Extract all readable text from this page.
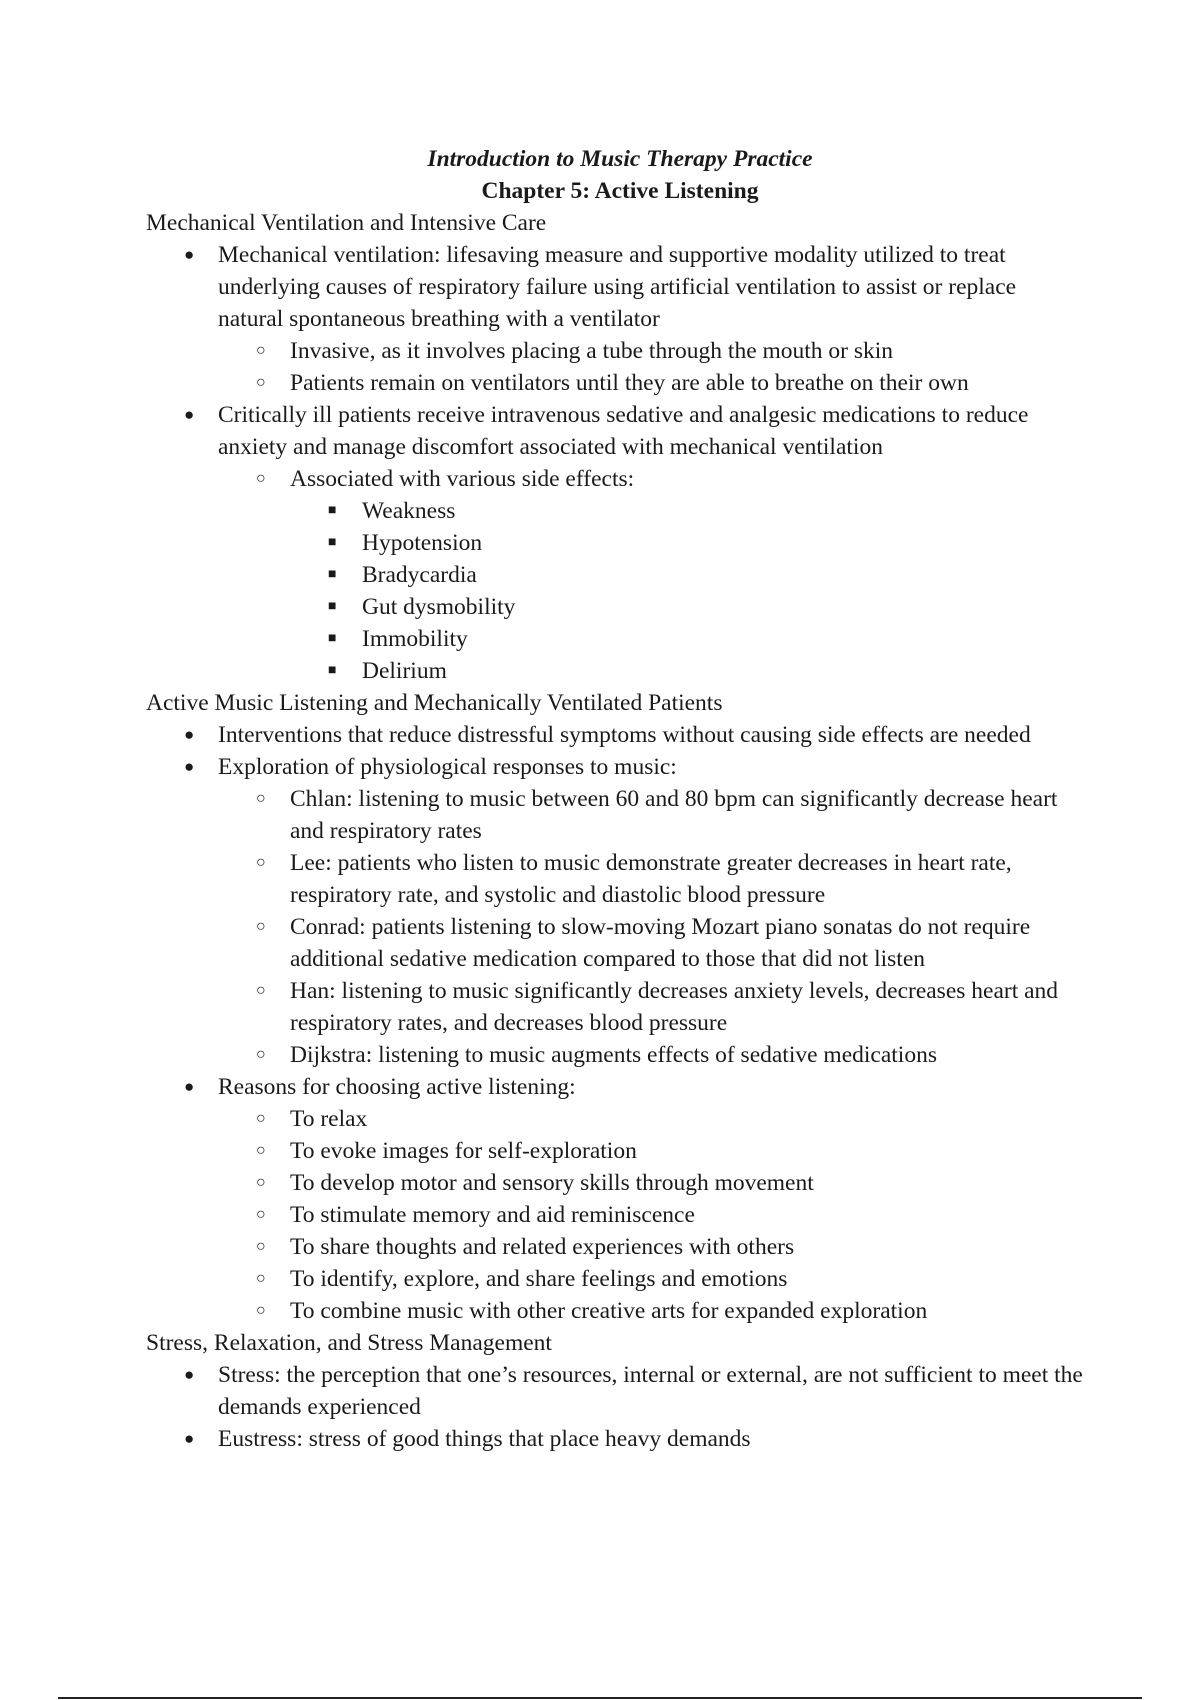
Introduction to Music Therapy Practice

Chapter 5: Active Listening

Mechanical Ventilation and Intensive Care

● Mechanical ventilation: lifesaving measure and supportive modality utilized to treat underlying causes of respiratory failure using artificial ventilation to assist or replace natural spontaneous breathing with a ventilator
○ Invasive, as it involves placing a tube through the mouth or skin
○ Patients remain on ventilators until they are able to breathe on their own
● Critically ill patients receive intravenous sedative and analgesic medications to reduce anxiety and manage discomfort associated with mechanical ventilation
○ Associated with various side effects:
■ Weakness
■ Hypotension
■ Bradycardia
■ Gut dysmobility
■ Immobility
■ Delirium

Active Music Listening and Mechanically Ventilated Patients

● Interventions that reduce distressful symptoms without causing side effects are needed
● Exploration of physiological responses to music:
○ Chlan: listening to music between 60 and 80 bpm can significantly decrease heart and respiratory rates
○ Lee: patients who listen to music demonstrate greater decreases in heart rate, respiratory rate, and systolic and diastolic blood pressure
○ Conrad: patients listening to slow-moving Mozart piano sonatas do not require additional sedative medication compared to those that did not listen
○ Han: listening to music significantly decreases anxiety levels, decreases heart and respiratory rates, and decreases blood pressure
○ Dijkstra: listening to music augments effects of sedative medications
● Reasons for choosing active listening:
○ To relax
○ To evoke images for self-exploration
○ To develop motor and sensory skills through movement
○ To stimulate memory and aid reminiscence
○ To share thoughts and related experiences with others
○ To identify, explore, and share feelings and emotions
○ To combine music with other creative arts for expanded exploration

Stress, Relaxation, and Stress Management

● Stress: the perception that one’s resources, internal or external, are not sufficient to meet the demands experienced
● Eustress: stress of good things that place heavy demands
